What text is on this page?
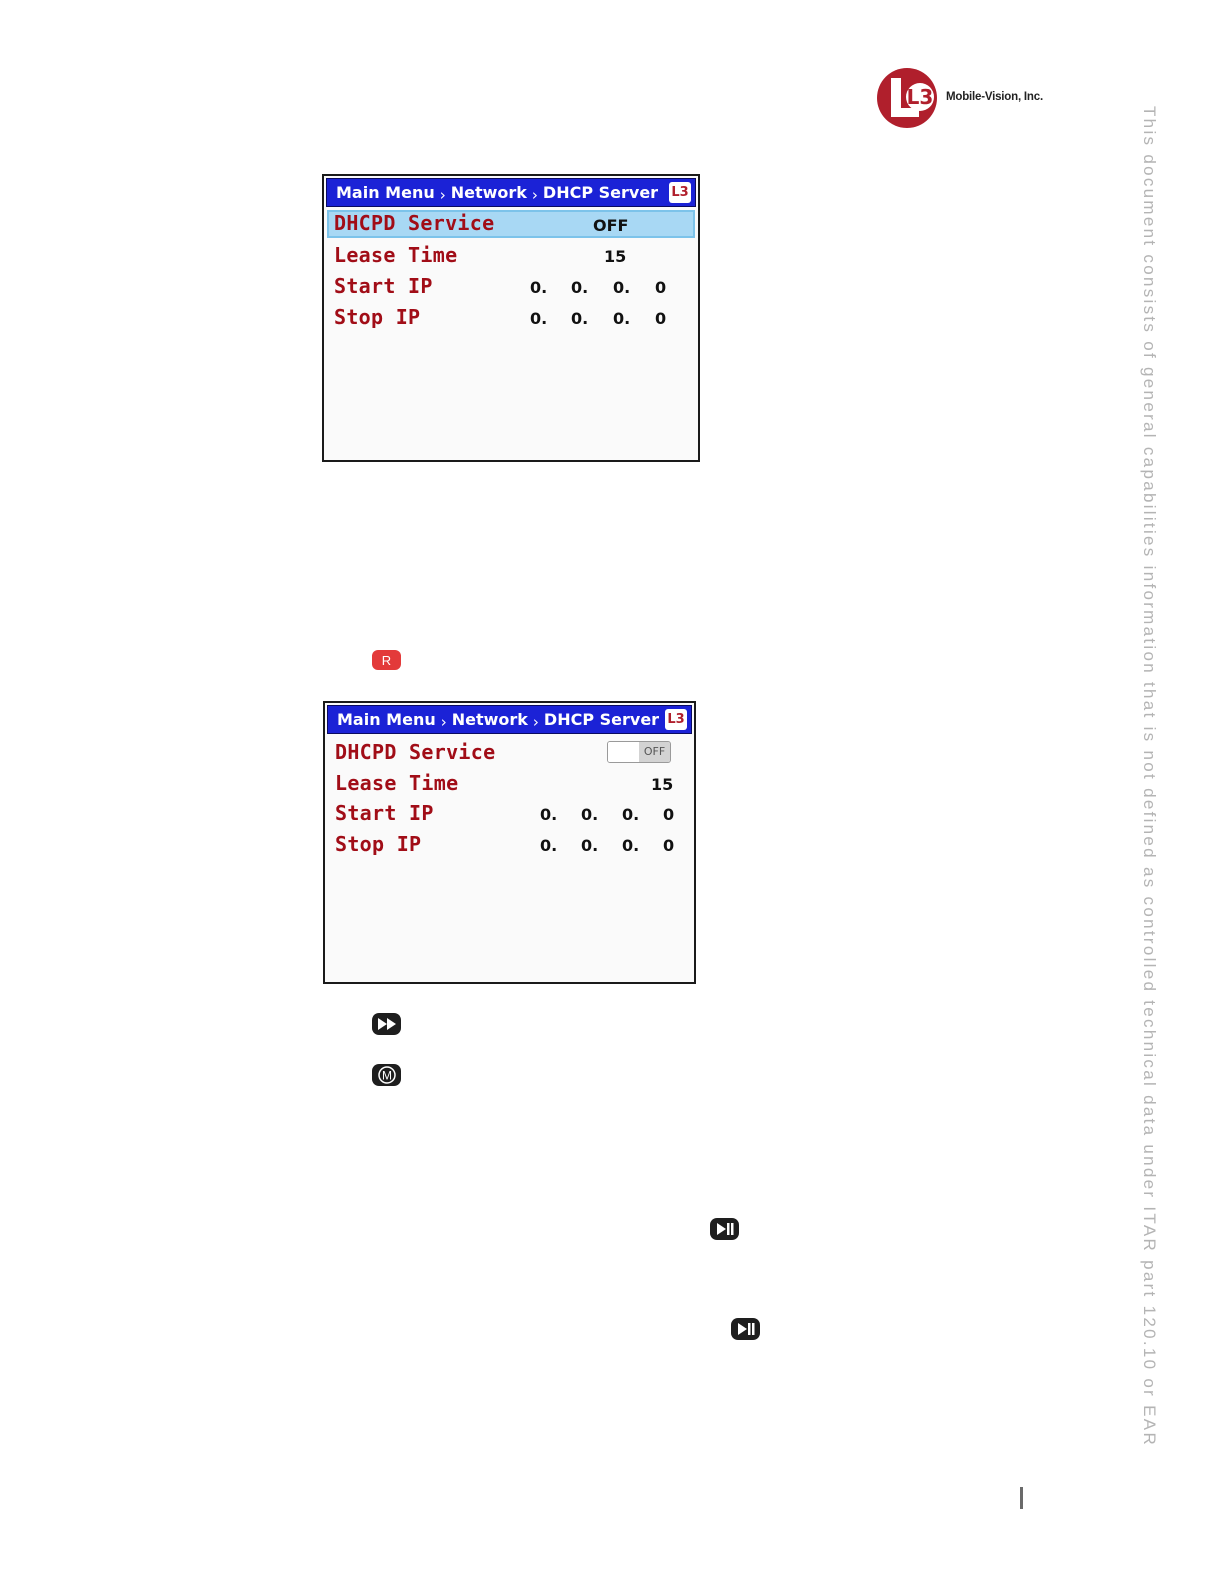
L3 Mobile-Vision, Inc.
Main Menu › Network › DHCP Server L3
DHCPD Service	OFF
Lease Time	15
Start IP	0. 0. 0. 0
Stop IP	0. 0. 0. 0
R
Main Menu › Network › DHCP Server L3
DHCPD Service	OFF
Lease Time	15
Start IP	0. 0. 0. 0
Stop IP	0. 0. 0. 0
M	This document consists of general capabilities information that is not defined as controlled technical data under ITAR part 120.10 or EAR
